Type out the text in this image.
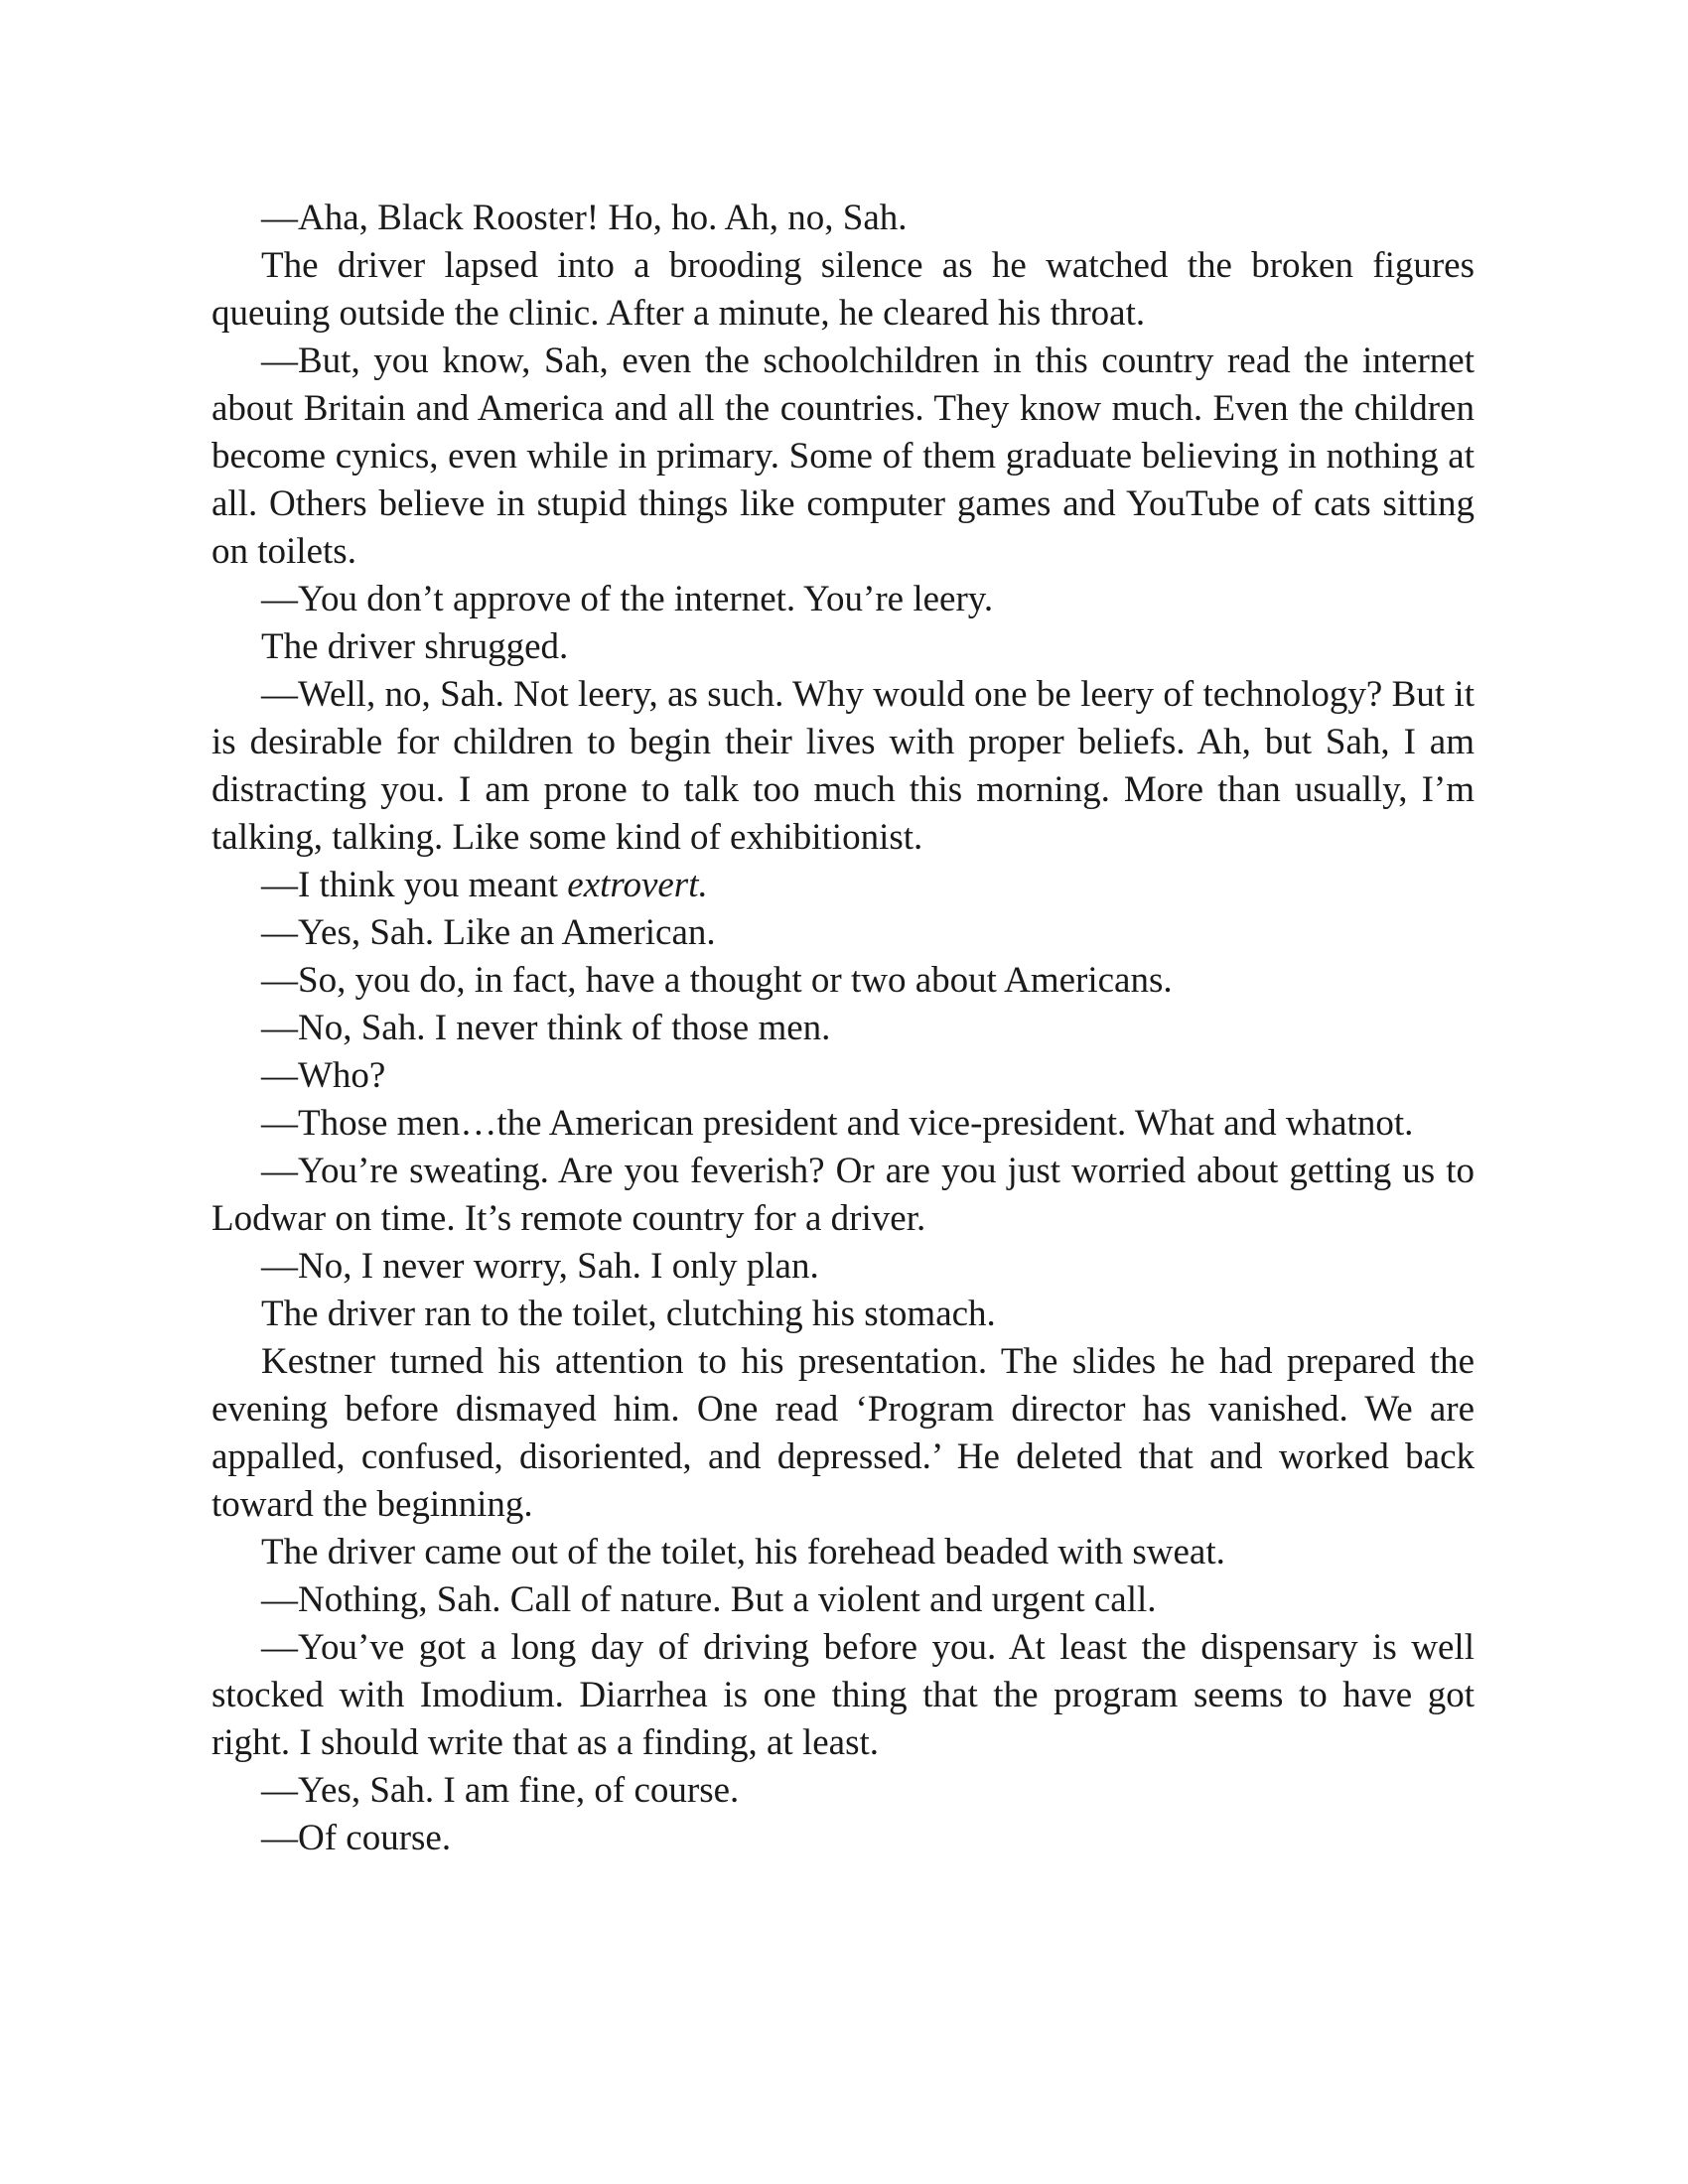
—Aha, Black Rooster! Ho, ho. Ah, no, Sah.

The driver lapsed into a brooding silence as he watched the broken figures queuing outside the clinic. After a minute, he cleared his throat.

—But, you know, Sah, even the schoolchildren in this country read the internet about Britain and America and all the countries. They know much. Even the children become cynics, even while in primary. Some of them graduate believing in nothing at all. Others believe in stupid things like computer games and YouTube of cats sitting on toilets.

—You don’t approve of the internet. You’re leery.

The driver shrugged.

—Well, no, Sah. Not leery, as such. Why would one be leery of technology? But it is desirable for children to begin their lives with proper beliefs. Ah, but Sah, I am distracting you. I am prone to talk too much this morning. More than usually, I’m talking, talking. Like some kind of exhibitionist.

—I think you meant extrovert.

—Yes, Sah. Like an American.

—So, you do, in fact, have a thought or two about Americans.

—No, Sah. I never think of those men.

—Who?

—Those men…the American president and vice-president. What and whatnot.

—You’re sweating. Are you feverish? Or are you just worried about getting us to Lodwar on time. It’s remote country for a driver.

—No, I never worry, Sah. I only plan.

The driver ran to the toilet, clutching his stomach.

Kestner turned his attention to his presentation. The slides he had prepared the evening before dismayed him. One read ‘Program director has vanished. We are appalled, confused, disoriented, and depressed.’ He deleted that and worked back toward the beginning.

The driver came out of the toilet, his forehead beaded with sweat.

—Nothing, Sah. Call of nature. But a violent and urgent call.

—You’ve got a long day of driving before you. At least the dispensary is well stocked with Imodium. Diarrhea is one thing that the program seems to have got right. I should write that as a finding, at least.

—Yes, Sah. I am fine, of course.

—Of course.
